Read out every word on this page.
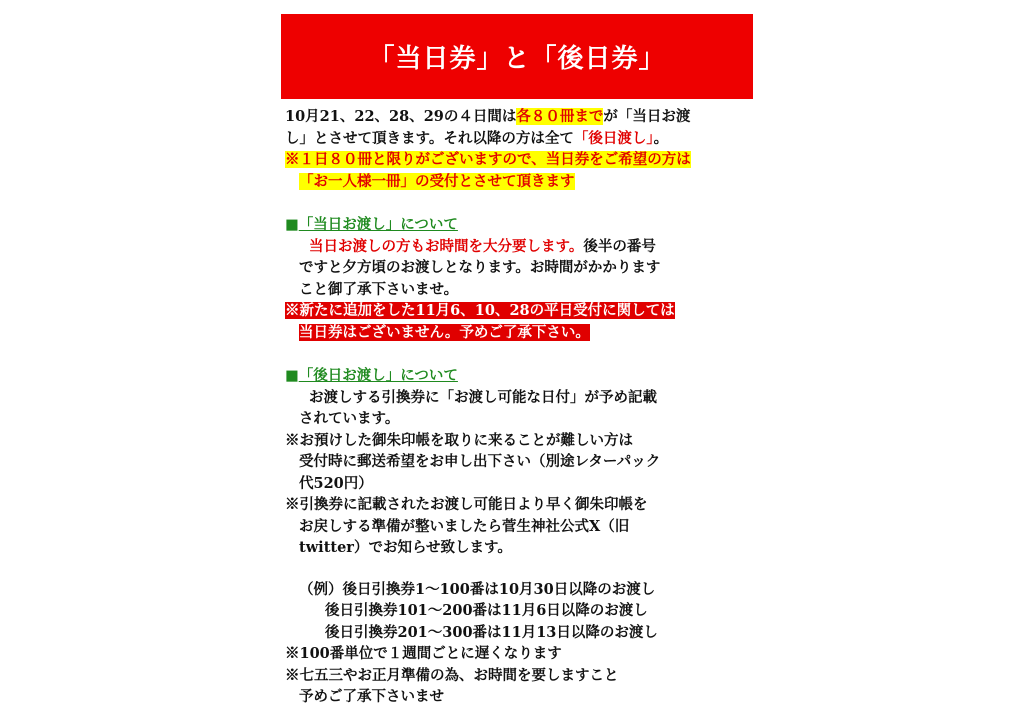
「当日券」と「後日券」
10月21、22、28、29の４日間は各８０冊までが「当日お渡
し」とさせて頂きます。それ以降の方は全て「後日渡し」。
※１日８０冊と限りがございますので、当日券をご希望の方は
「お一人様一冊」の受付とさせて頂きます
■「当日お渡し」について
当日お渡しの方もお時間を大分要します。後半の番号
ですと夕方頃のお渡しとなります。お時間がかかります
こと御了承下さいませ。
※新たに追加をした11月6、10、28の平日受付に関しては
当日券はございません。予めご了承下さい。
■「後日お渡し」について
お渡しする引換券に「お渡し可能な日付」が予め記載
されています。
※お預けした御朱印帳を取りに来ることが難しい方は
受付時に郵送希望をお申し出下さい（別途レターパック
代520円）
※引換券に記載されたお渡し可能日より早く御朱印帳を
お戻しする準備が整いましたら菅生神社公式X（旧
twitter）でお知らせ致します。
（例）後日引換券1～100番は10月30日以降のお渡し
後日引換券101～200番は11月6日以降のお渡し
後日引換券201～300番は11月13日以降のお渡し
※100番単位で１週間ごとに遅くなります
※七五三やお正月準備の為、お時間を要しますこと
予めご了承下さいませ
